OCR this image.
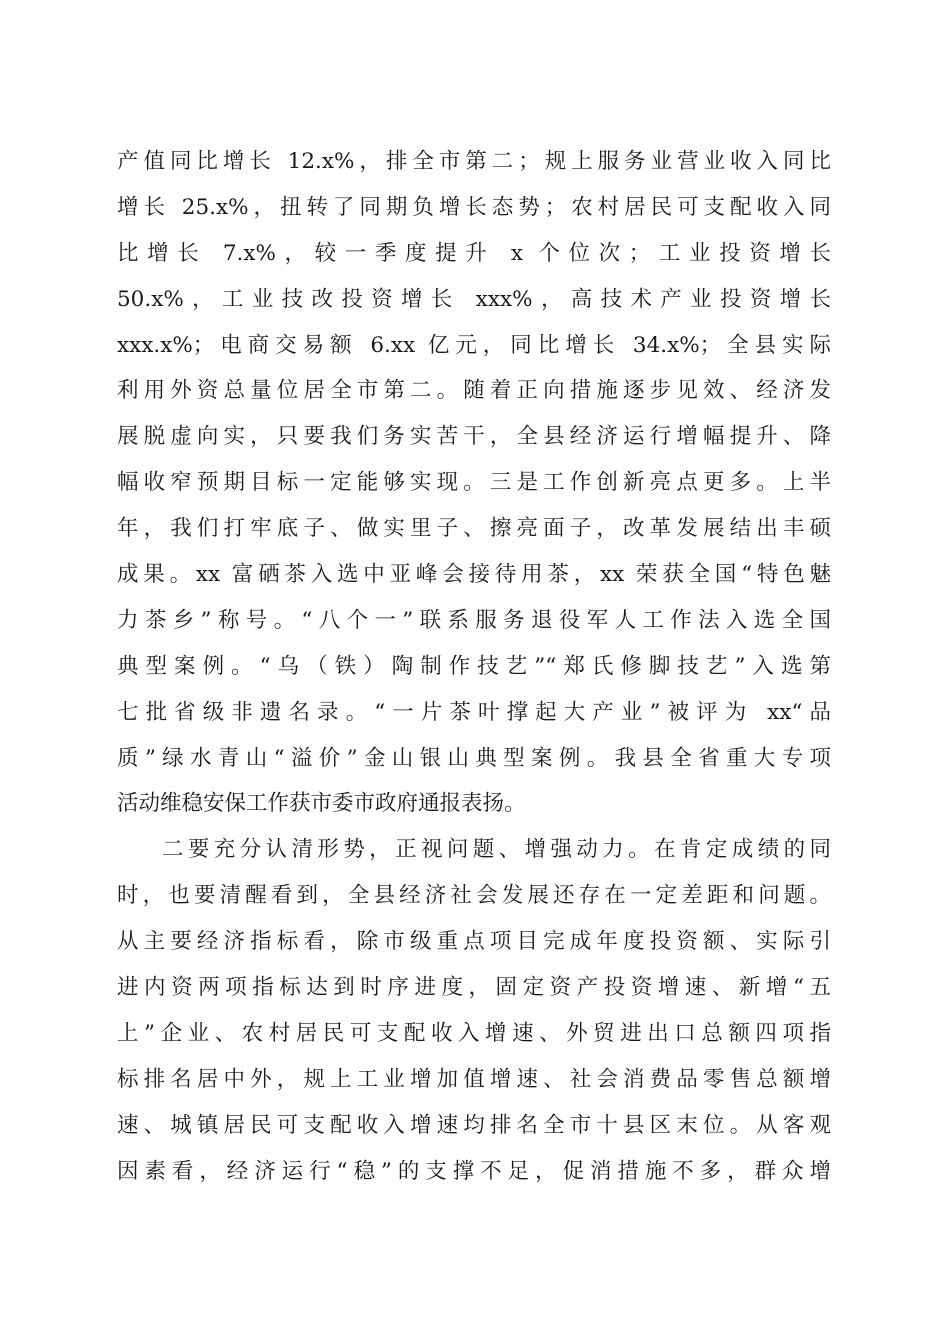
产值同比增长 12.x%，排全市第二；规上服务业营业收入同比
增长 25.x%，扭转了同期负增长态势；农村居民可支配收入同
比增长 7.x%，较一季度提升 x 个位次；工业投资增长
50.x%，工业技改投资增长 xxx%，高技术产业投资增长
xxx.x%；电商交易额 6.xx 亿元，同比增长 34.x%；全县实际
利用外资总量位居全市第二。随着正向措施逐步见效、经济发
展脱虚向实，只要我们务实苦干，全县经济运行增幅提升、降
幅收窄预期目标一定能够实现。三是工作创新亮点更多。上半
年，我们打牢底子、做实里子、擦亮面子，改革发展结出丰硕
成果。xx 富硒茶入选中亚峰会接待用茶，xx 荣获全国“特色魅
力茶乡”称号。“八个一”联系服务退役军人工作法入选全国
典型案例。“乌（铁）陶制作技艺”“郑氏修脚技艺”入选第
七批省级非遗名录。“一片茶叶撑起大产业”被评为 xx“品
质”绿水青山“溢价”金山银山典型案例。我县全省重大专项
活动维稳安保工作获市委市政府通报表扬。
二要充分认清形势，正视问题、增强动力。在肯定成绩的同
时，也要清醒看到，全县经济社会发展还存在一定差距和问题。
从主要经济指标看，除市级重点项目完成年度投资额、实际引
进内资两项指标达到时序进度，固定资产投资增速、新增“五
上”企业、农村居民可支配收入增速、外贸进出口总额四项指
标排名居中外，规上工业增加值增速、社会消费品零售总额增
速、城镇居民可支配收入增速均排名全市十县区末位。从客观
因素看，经济运行“稳”的支撑不足，促消措施不多，群众增
